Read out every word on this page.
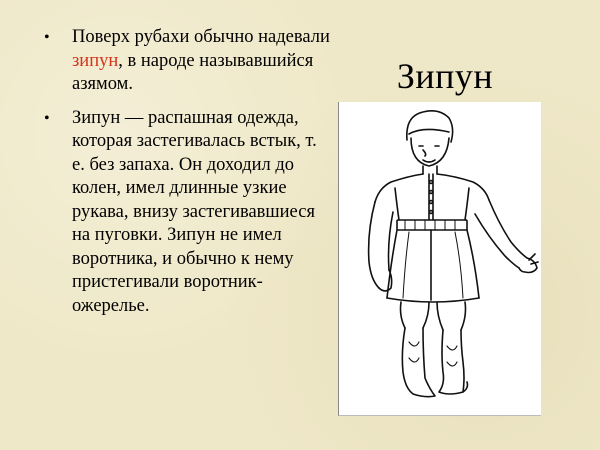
• Поверх рубахи обычно надевали зипун, в народе называвшийся азямом.
• Зипун — распашная одежда, которая застегивалась встык, т. е. без запаха. Он доходил до колен, имел длинные узкие рукава, внизу застегивавшиеся на пуговки. Зипун не имел воротника, и обычно к нему пристегивали воротник-ожерелье.
Зипун
